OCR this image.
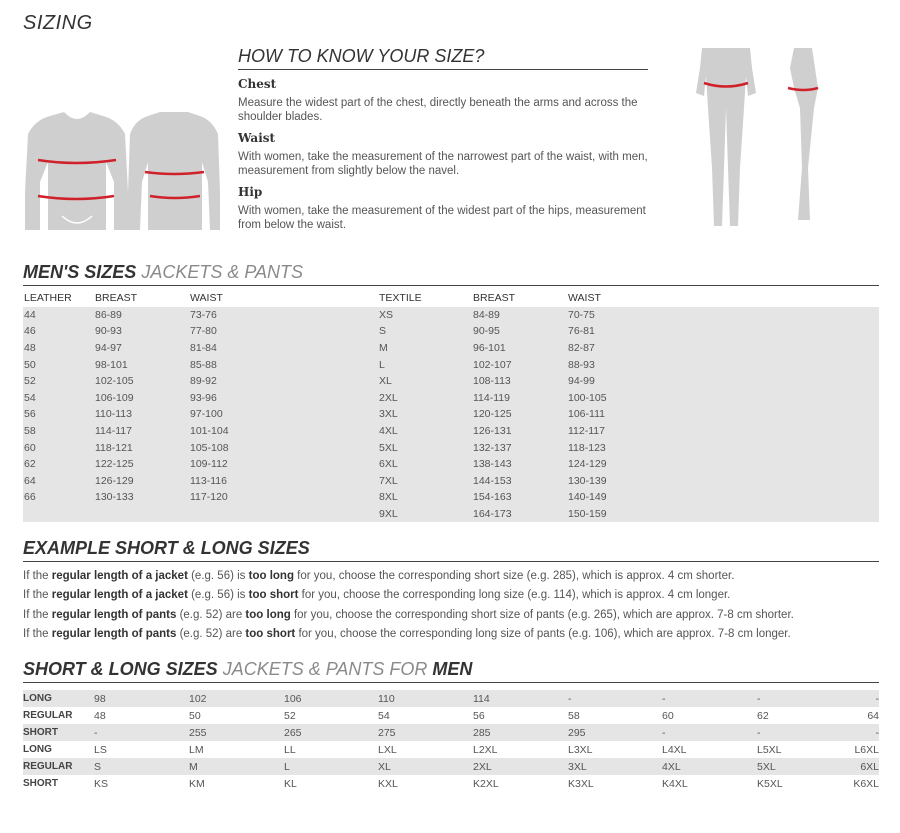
SIZING
HOW TO KNOW YOUR SIZE?
Chest
Measure the widest part of the chest, directly beneath the arms and across the shoulder blades.
Waist
With women, take the measurement of the narrowest part of the waist, with men, measurement from slightly below the navel.
Hip
With women, take the measurement of the widest part of the hips, measurement from below the waist.
MEN'S SIZES JACKETS & PANTS
LEATHER	BREAST	WAIST	TEXTILE	BREAST	WAIST
44	86-89	73-76	XS	84-89	70-75
46	90-93	77-80	S	90-95	76-81
48	94-97	81-84	M	96-101	82-87
50	98-101	85-88	L	102-107	88-93
52	102-105	89-92	XL	108-113	94-99
54	106-109	93-96	2XL	114-119	100-105
56	110-113	97-100	3XL	120-125	106-111
58	114-117	101-104	4XL	126-131	112-117
60	118-121	105-108	5XL	132-137	118-123
62	122-125	109-112	6XL	138-143	124-129
64	126-129	113-116	7XL	144-153	130-139
66	130-133	117-120	8XL	154-163	140-149
			9XL	164-173	150-159
EXAMPLE SHORT & LONG SIZES
If the regular length of a jacket (e.g. 56) is too long for you, choose the corresponding short size (e.g. 285), which is approx. 4 cm shorter.
If the regular length of a jacket (e.g. 56) is too short for you, choose the corresponding long size (e.g. 114), which is approx. 4 cm longer.
If the regular length of pants (e.g. 52) are too long for you, choose the corresponding short size of pants (e.g. 265), which are approx. 7-8 cm shorter.
If the regular length of pants (e.g. 52) are too short for you, choose the corresponding long size of pants (e.g. 106), which are approx. 7-8 cm longer.
SHORT & LONG SIZES JACKETS & PANTS FOR MEN
LONG	98	102	106	110	114	-	-	-	-
REGULAR	48	50	52	54	56	58	60	62	64
SHORT	-	255	265	275	285	295	-	-	-
LONG	LS	LM	LL	LXL	L2XL	L3XL	L4XL	L5XL	L6XL
REGULAR	S	M	L	XL	2XL	3XL	4XL	5XL	6XL
SHORT	KS	KM	KL	KXL	K2XL	K3XL	K4XL	K5XL	K6XL
